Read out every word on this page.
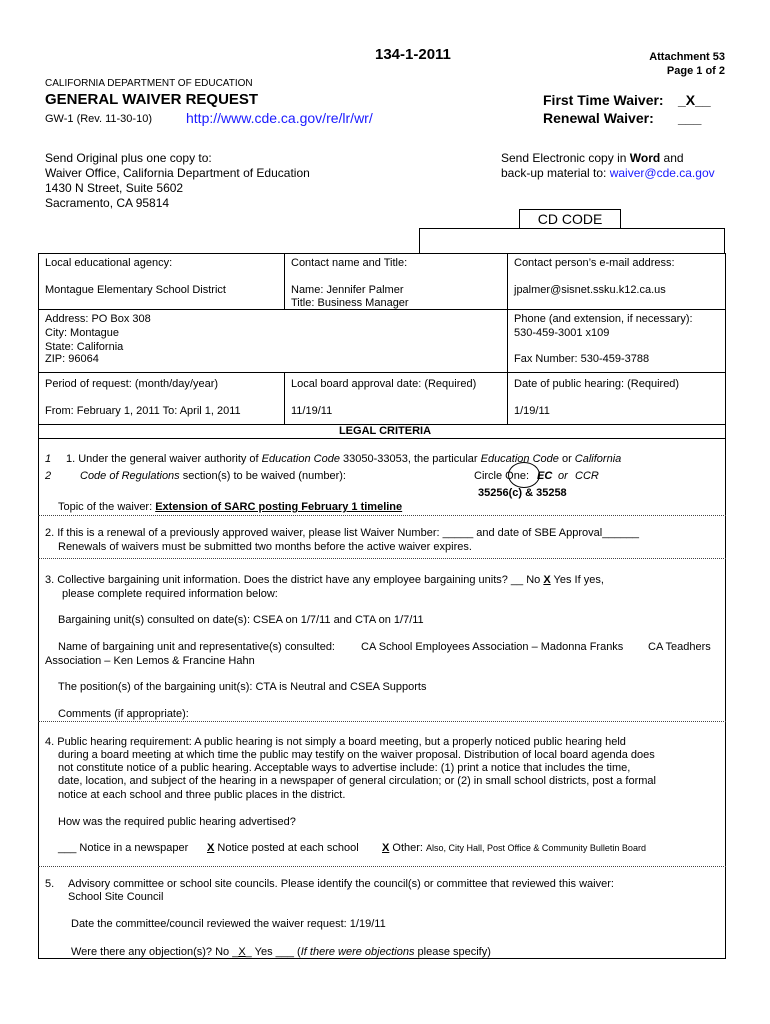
134-1-2011	Attachment 53
Page 1 of 2
CALIFORNIA DEPARTMENT OF EDUCATION
GENERAL WAIVER REQUEST
GW-1 (Rev. 11-30-10) http://www.cde.ca.gov/re/lr/wr/
First Time Waiver: _X__
Renewal Waiver: ___
Send Original plus one copy to:
Waiver Office, California Department of Education
1430 N Street, Suite 5602
Sacramento, CA 95814
Send Electronic copy in Word and
back-up material to: waiver@cde.ca.gov
CD CODE
Local educational agency:
Montague Elementary School District
Contact name and Title:
Name: Jennifer Palmer
Title: Business Manager
Contact person’s e-mail address:
jpalmer@sisnet.ssku.k12.ca.us
Address: PO Box 308
City: Montague
State: California
ZIP: 96064
Phone (and extension, if necessary):
530-459-3001 x109
Fax Number: 530-459-3788
Period of request: (month/day/year)
From: February 1, 2011 To: April 1, 2011
Local board approval date: (Required)
11/19/11
Date of public hearing: (Required)
1/19/11
LEGAL CRITERIA
1
2
1. Under the general waiver authority of Education Code 33050-33053, the particular Education Code or California
Code of Regulations section(s) to be waived (number):	Circle One: EC or CCR
35256(c) & 35258
Topic of the waiver: Extension of SARC posting February 1 timeline
2. If this is a renewal of a previously approved waiver, please list Waiver Number: _____ and date of SBE Approval______
Renewals of waivers must be submitted two months before the active waiver expires.
3. Collective bargaining unit information. Does the district have any employee bargaining units? __ No X Yes If yes,
please complete required information below:
Bargaining unit(s) consulted on date(s): CSEA on 1/7/11 and CTA on 1/7/11
Name of bargaining unit and representative(s) consulted: CA School Employees Association – Madonna Franks CA Teadhers
Association – Ken Lemos & Francine Hahn
The position(s) of the bargaining unit(s): CTA is Neutral and CSEA Supports
Comments (if appropriate):
4. Public hearing requirement: A public hearing is not simply a board meeting, but a properly noticed public hearing held
during a board meeting at which time the public may testify on the waiver proposal. Distribution of local board agenda does
not constitute notice of a public hearing. Acceptable ways to advertise include: (1) print a notice that includes the time,
date, location, and subject of the hearing in a newspaper of general circulation; or (2) in small school districts, post a formal
notice at each school and three public places in the district.
How was the required public hearing advertised?
___ Notice in a newspaper X Notice posted at each school X Other: Also, City Hall, Post Office & Community Bulletin Board
5. Advisory committee or school site councils. Please identify the council(s) or committee that reviewed this waiver:
School Site Council
Date the committee/council reviewed the waiver request: 1/19/11
Were there any objection(s)? No _X_ Yes ___ (If there were objections please specify)
